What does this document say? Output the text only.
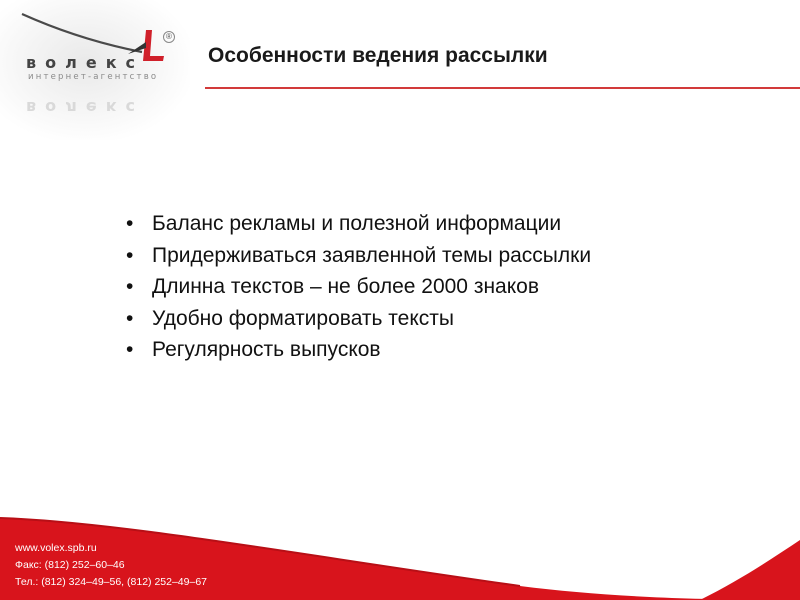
волекс
волекс
интернет-агентство
®
Особенности ведения рассылки
• Баланс рекламы и полезной информации
• Придерживаться заявленной темы рассылки
• Длинна текстов – не более 2000 знаков
• Удобно форматировать тексты
• Регулярность выпусков
www.volex.spb.ru
Факс: (812) 252–60–46
Тел.: (812) 324–49–56, (812) 252–49–67
